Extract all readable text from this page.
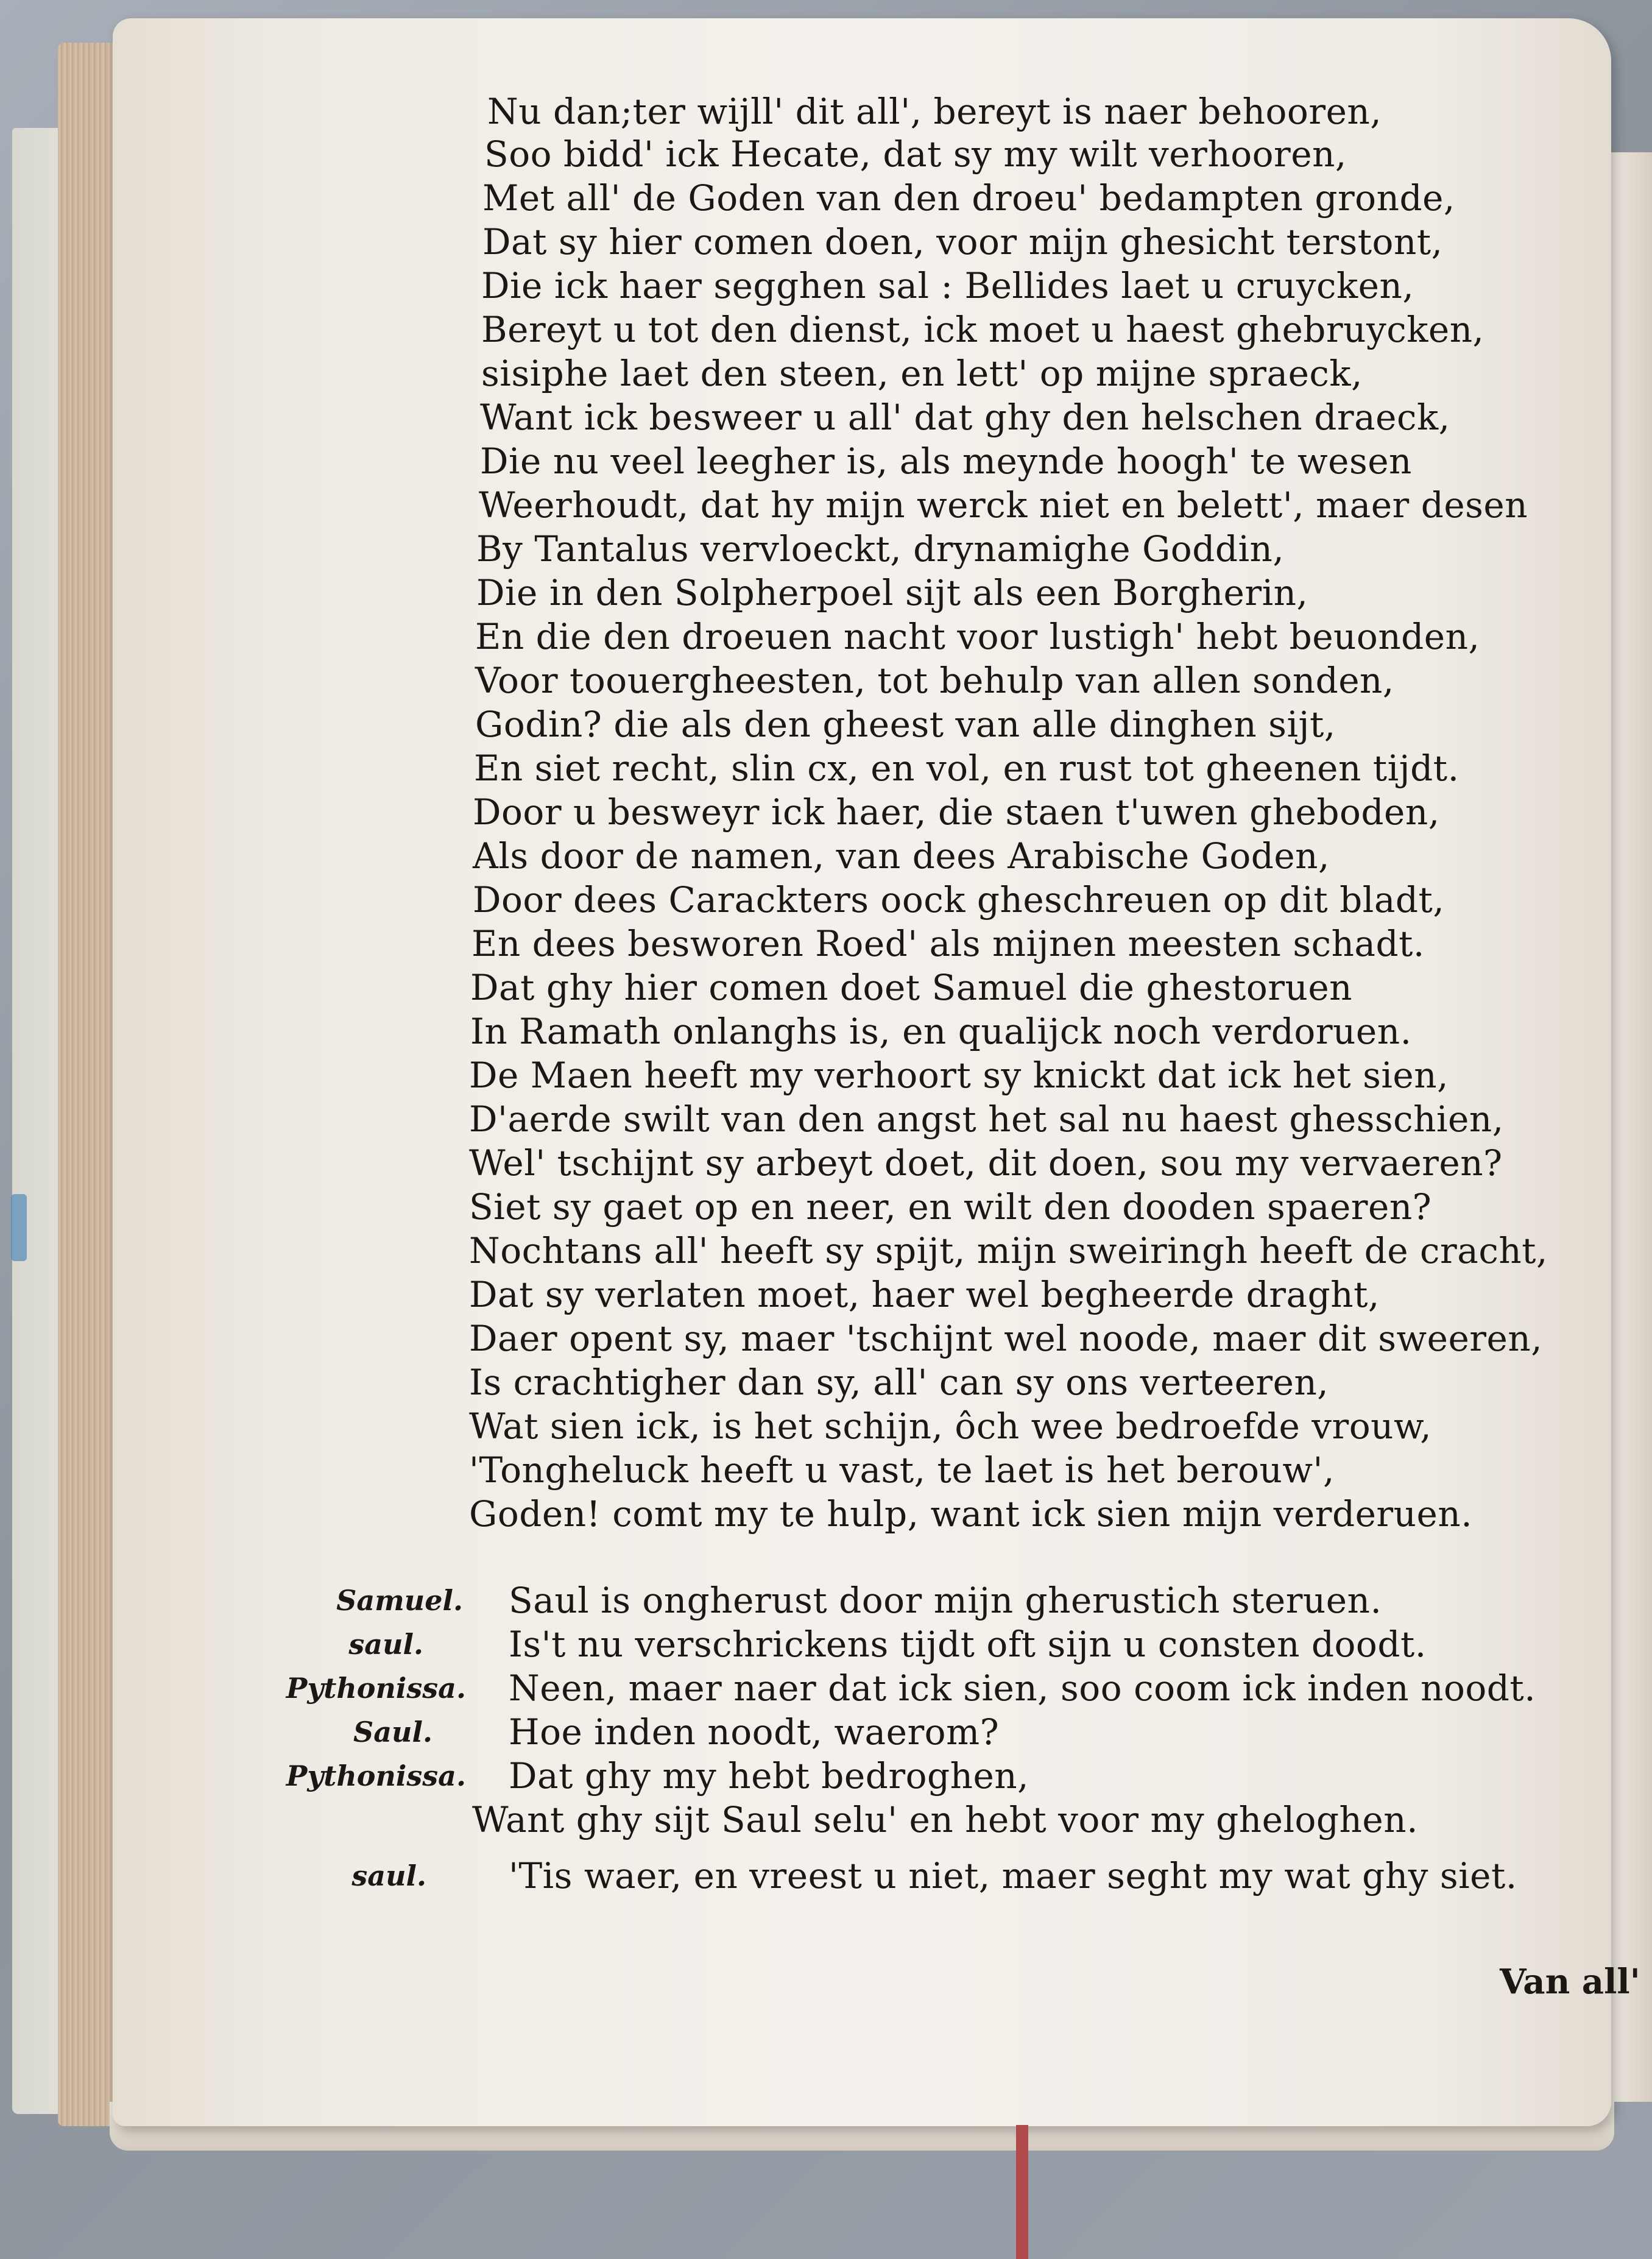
Nu dan;ter wijll' dit all', bereyt is naer behooren,
Soo bidd' ick Hecate, dat sy my wilt verhooren,
Met all' de Goden van den droeu' bedampten gronde,
Dat sy hier comen doen, voor mijn ghesicht terstont,
Die ick haer segghen sal : Bellides laet u cruycken,
Bereyt u tot den dienst, ick moet u haest ghebruycken,
sisiphe laet den steen, en lett' op mijne spraeck,
Want ick besweer u all' dat ghy den helschen draeck,
Die nu veel leegher is, als meynde hoogh' te wesen
Weerhoudt, dat hy mijn werck niet en belett', maer desen
By Tantalus vervloeckt, drynamighe Goddin,
Die in den Solpherpoel sijt als een Borgherin,
En die den droeuen nacht voor lustigh' hebt beuonden,
Voor toouergheesten, tot behulp van allen sonden,
Godin? die als den gheest van alle dinghen sijt,
En siet recht, slin cx, en vol, en rust tot gheenen tijdt.
Door u besweyr ick haer, die staen t'uwen gheboden,
Als door de namen, van dees Arabische Goden,
Door dees Carackters oock gheschreuen op dit bladt,
En dees besworen Roed' als mijnen meesten schadt.
Dat ghy hier comen doet Samuel die ghestoruen
In Ramath onlanghs is, en qualijck noch verdoruen.
De Maen heeft my verhoort sy knickt dat ick het sien,
D'aerde swilt van den angst het sal nu haest ghesschien,
Wel' tschijnt sy arbeyt doet, dit doen, sou my vervaeren?
Siet sy gaet op en neer, en wilt den dooden spaeren?
Nochtans all' heeft sy spijt, mijn sweiringh heeft de cracht,
Dat sy verlaten moet, haer wel begheerde draght,
Daer opent sy, maer 'tschijnt wel noode, maer dit sweeren,
Is crachtigher dan sy, all' can sy ons verteeren,
Wat sien ick, is het schijn, ôch wee bedroefde vrouw,
'Tongheluck heeft u vast, te laet is het berouw',
Goden! comt my te hulp, want ick sien mijn verderuen.
Samuel. Saul is ongherust door mijn gherustich steruen.
saul. Is't nu verschrickens tijdt oft sijn u consten doodt.
Pythonissa. Neen, maer naer dat ick sien, soo coom ick inden noodt.
Saul. Hoe inden noodt, waerom?
Pythonissa. Dat ghy my hebt bedroghen,
Want ghy sijt Saul selu' en hebt voor my gheloghen.
saul. 'Tis waer, en vreest u niet, maer seght my wat ghy siet.
Van all'
